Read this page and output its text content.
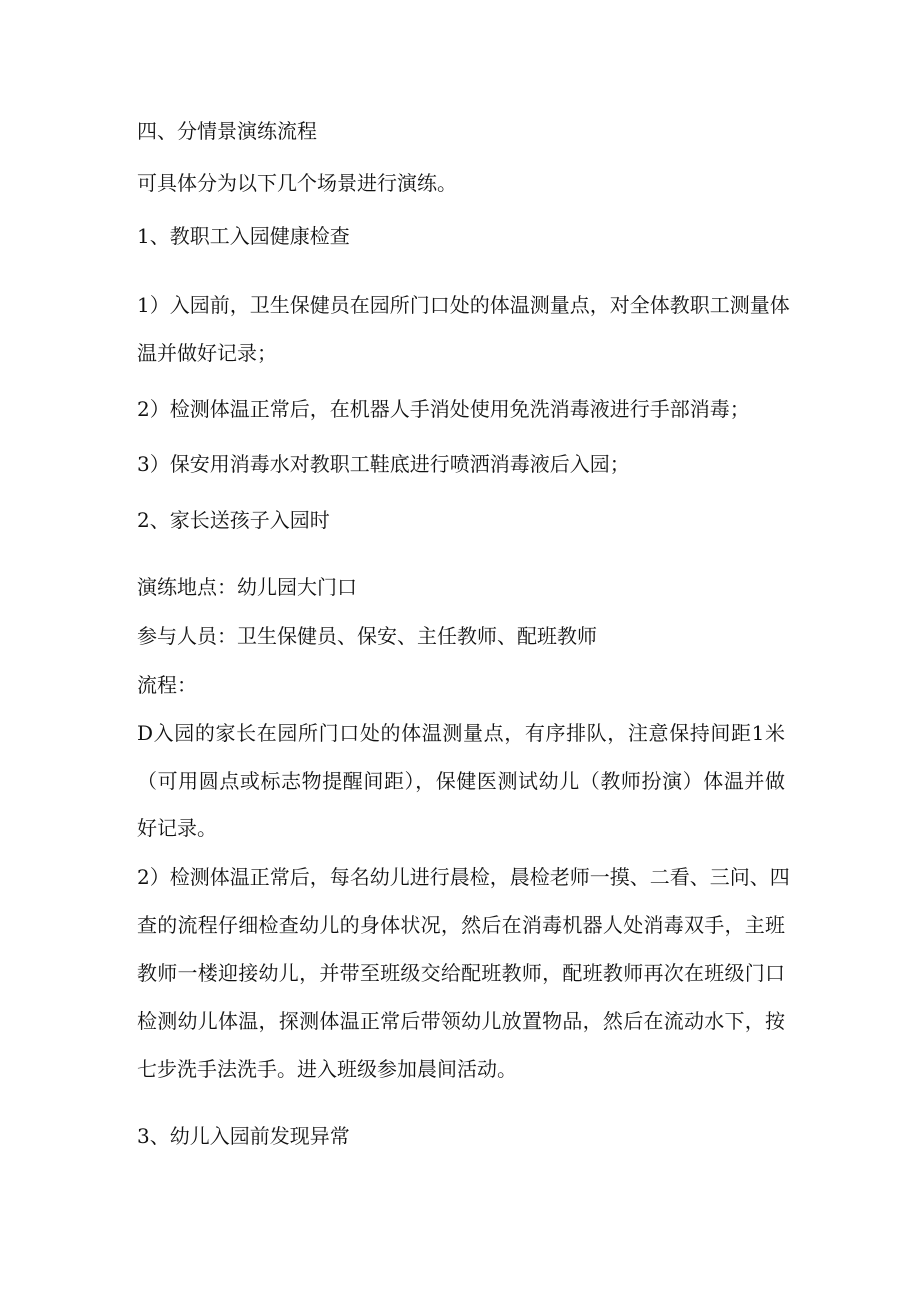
四、分情景演练流程
可具体分为以下几个场景进行演练。
1、教职工入园健康检查
1）入园前，卫生保健员在园所门口处的体温测量点，对全体教职工测量体
温并做好记录；
2）检测体温正常后，在机器人手消处使用免洗消毒液进行手部消毒；
3）保安用消毒水对教职工鞋底进行喷洒消毒液后入园；
2、家长送孩子入园时
演练地点：幼儿园大门口
参与人员：卫生保健员、保安、主任教师、配班教师
流程：
D入园的家长在园所门口处的体温测量点，有序排队，注意保持间距1米
（可用圆点或标志物提醒间距），保健医测试幼儿（教师扮演）体温并做
好记录。
2）检测体温正常后，每名幼儿进行晨检，晨检老师一摸、二看、三问、四
查的流程仔细检查幼儿的身体状况，然后在消毒机器人处消毒双手，主班
教师一楼迎接幼儿，并带至班级交给配班教师，配班教师再次在班级门口
检测幼儿体温，探测体温正常后带领幼儿放置物品，然后在流动水下，按
七步洗手法洗手。进入班级参加晨间活动。
3、幼儿入园前发现异常
